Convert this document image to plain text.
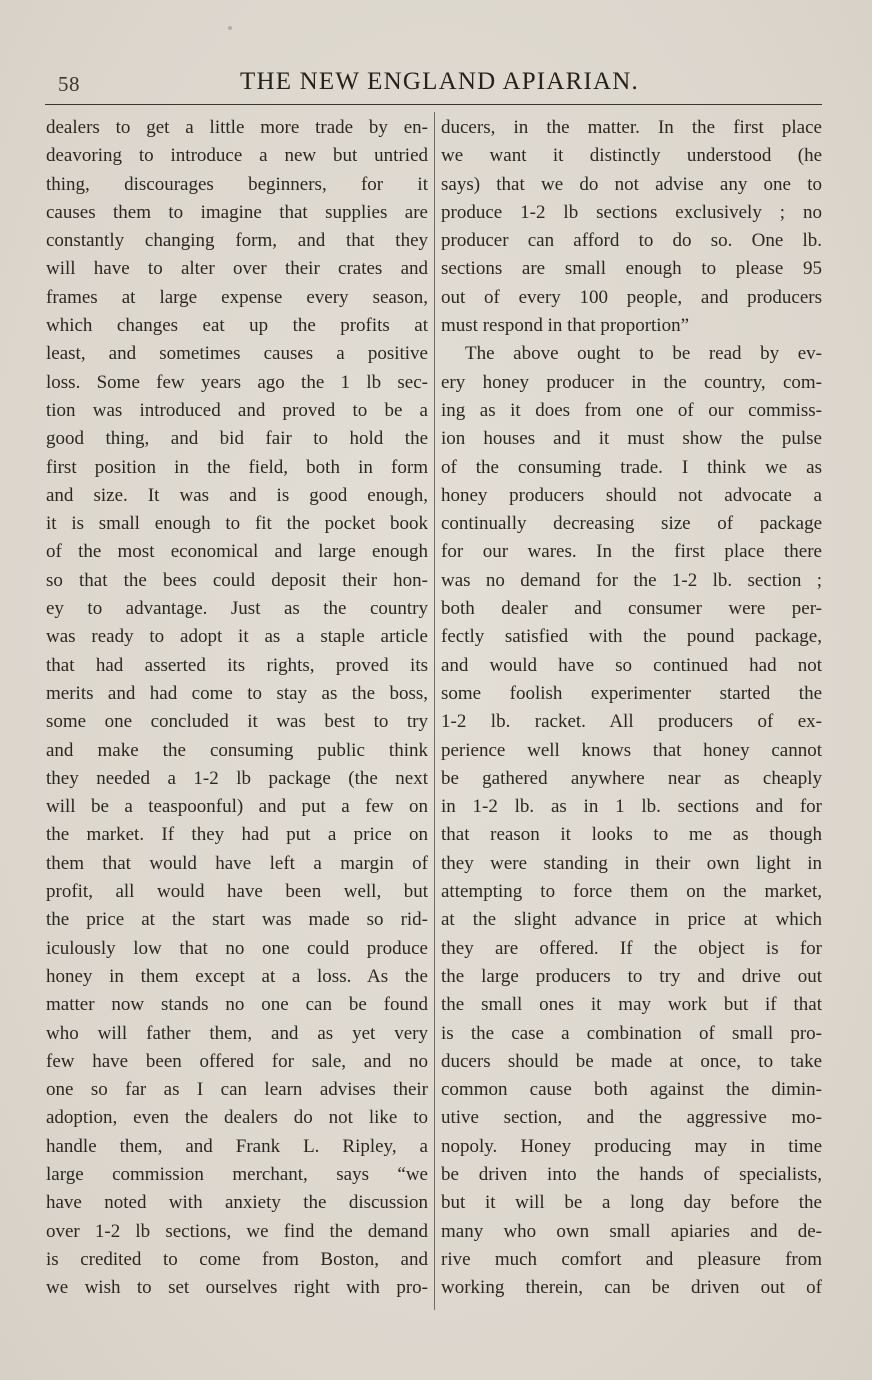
58	THE NEW ENGLAND APIARIAN.
dealers to get a little more trade by en-
deavoring to introduce a new but untried
thing, discourages beginners, for it
causes them to imagine that supplies are
constantly changing form, and that they
will have to alter over their crates and
frames at large expense every season,
which changes eat up the profits at
least, and sometimes causes a positive
loss. Some few years ago the 1 lb sec-
tion was introduced and proved to be a
good thing, and bid fair to hold the
first position in the field, both in form
and size. It was and is good enough,
it is small enough to fit the pocket book
of the most economical and large enough
so that the bees could deposit their hon-
ey to advantage. Just as the country
was ready to adopt it as a staple article
that had asserted its rights, proved its
merits and had come to stay as the boss,
some one concluded it was best to try
and make the consuming public think
they needed a 1-2 lb package (the next
will be a teaspoonful) and put a few on
the market. If they had put a price on
them that would have left a margin of
profit, all would have been well, but
the price at the start was made so rid-
iculously low that no one could produce
honey in them except at a loss. As the
matter now stands no one can be found
who will father them, and as yet very
few have been offered for sale, and no
one so far as I can learn advises their
adoption, even the dealers do not like to
handle them, and Frank L. Ripley, a
large commission merchant, says “we
have noted with anxiety the discussion
over 1-2 lb sections, we find the demand
is credited to come from Boston, and
we wish to set ourselves right with pro-
ducers, in the matter. In the first place
we want it distinctly understood (he
says) that we do not advise any one to
produce 1-2 lb sections exclusively ; no
producer can afford to do so. One lb.
sections are small enough to please 95
out of every 100 people, and producers
must respond in that proportion”
The above ought to be read by ev-
ery honey producer in the country, com-
ing as it does from one of our commiss-
ion houses and it must show the pulse
of the consuming trade. I think we as
honey producers should not advocate a
continually decreasing size of package
for our wares. In the first place there
was no demand for the 1-2 lb. section ;
both dealer and consumer were per-
fectly satisfied with the pound package,
and would have so continued had not
some foolish experimenter started the
1-2 lb. racket. All producers of ex-
perience well knows that honey cannot
be gathered anywhere near as cheaply
in 1-2 lb. as in 1 lb. sections and for
that reason it looks to me as though
they were standing in their own light in
attempting to force them on the market,
at the slight advance in price at which
they are offered. If the object is for
the large producers to try and drive out
the small ones it may work but if that
is the case a combination of small pro-
ducers should be made at once, to take
common cause both against the dimin-
utive section, and the aggressive mo-
nopoly. Honey producing may in time
be driven into the hands of specialists,
but it will be a long day before the
many who own small apiaries and de-
rive much comfort and pleasure from
working therein, can be driven out of
